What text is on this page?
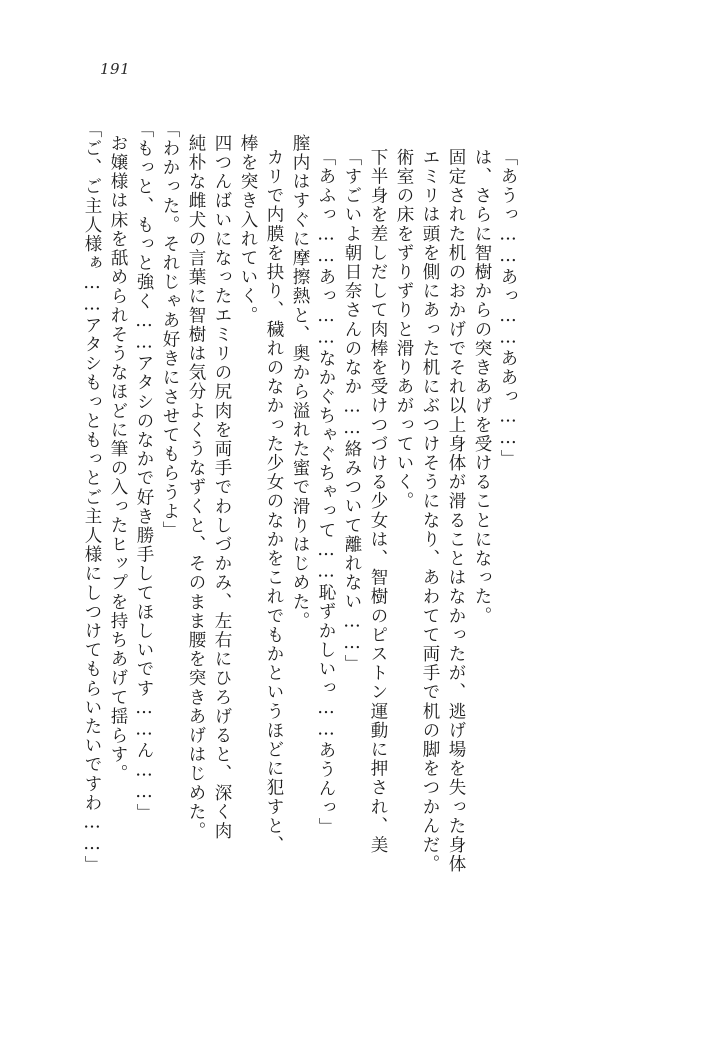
191
「ご、ご主人様ぁ……アタシもっともっとご主人様にしつけてもらいたいですわ……」 お嬢様は床を舐められそうなほどに筆の入ったヒップを持ちあげて揺らす。 「もっと、もっと強く……アタシのなかで好き勝手してほしいです……ん……」 「わかった。それじゃあ好きにさせてもらうよ」 純朴な雌犬の言葉に智樹は気分よくうなずくと、そのまま腰を突きあげはじめた。 四つんばいになったエミリの尻肉を両手でわしづかみ、左右にひろげると、深く肉 棒を突き入れていく。 カリで内膜を抉り、穢れのなかった少女のなかをこれでもかというほどに犯すと、 膣内はすぐに摩擦熱と、奥から溢れた蜜で滑りはじめた。 「あふっ……あっ……なかぐちゃぐちゃって……恥ずかしいっ……あうんっ」 「すごいよ朝日奈さんのなか……絡みついて離れない……」 下半身を差しだして肉棒を受けつづける少女は、智樹のピストン運動に押され、美 術室の床をずりずりと滑りあがっていく。 エミリは頭を側にあった机にぶつけそうになり、あわてて両手で机の脚をつかんだ。 固定された机のおかげでそれ以上身体が滑ることはなかったが、逃げ場を失った身体 は、さらに智樹からの突きあげを受けることになった。 「あうっ……あっ……ああっ……」
